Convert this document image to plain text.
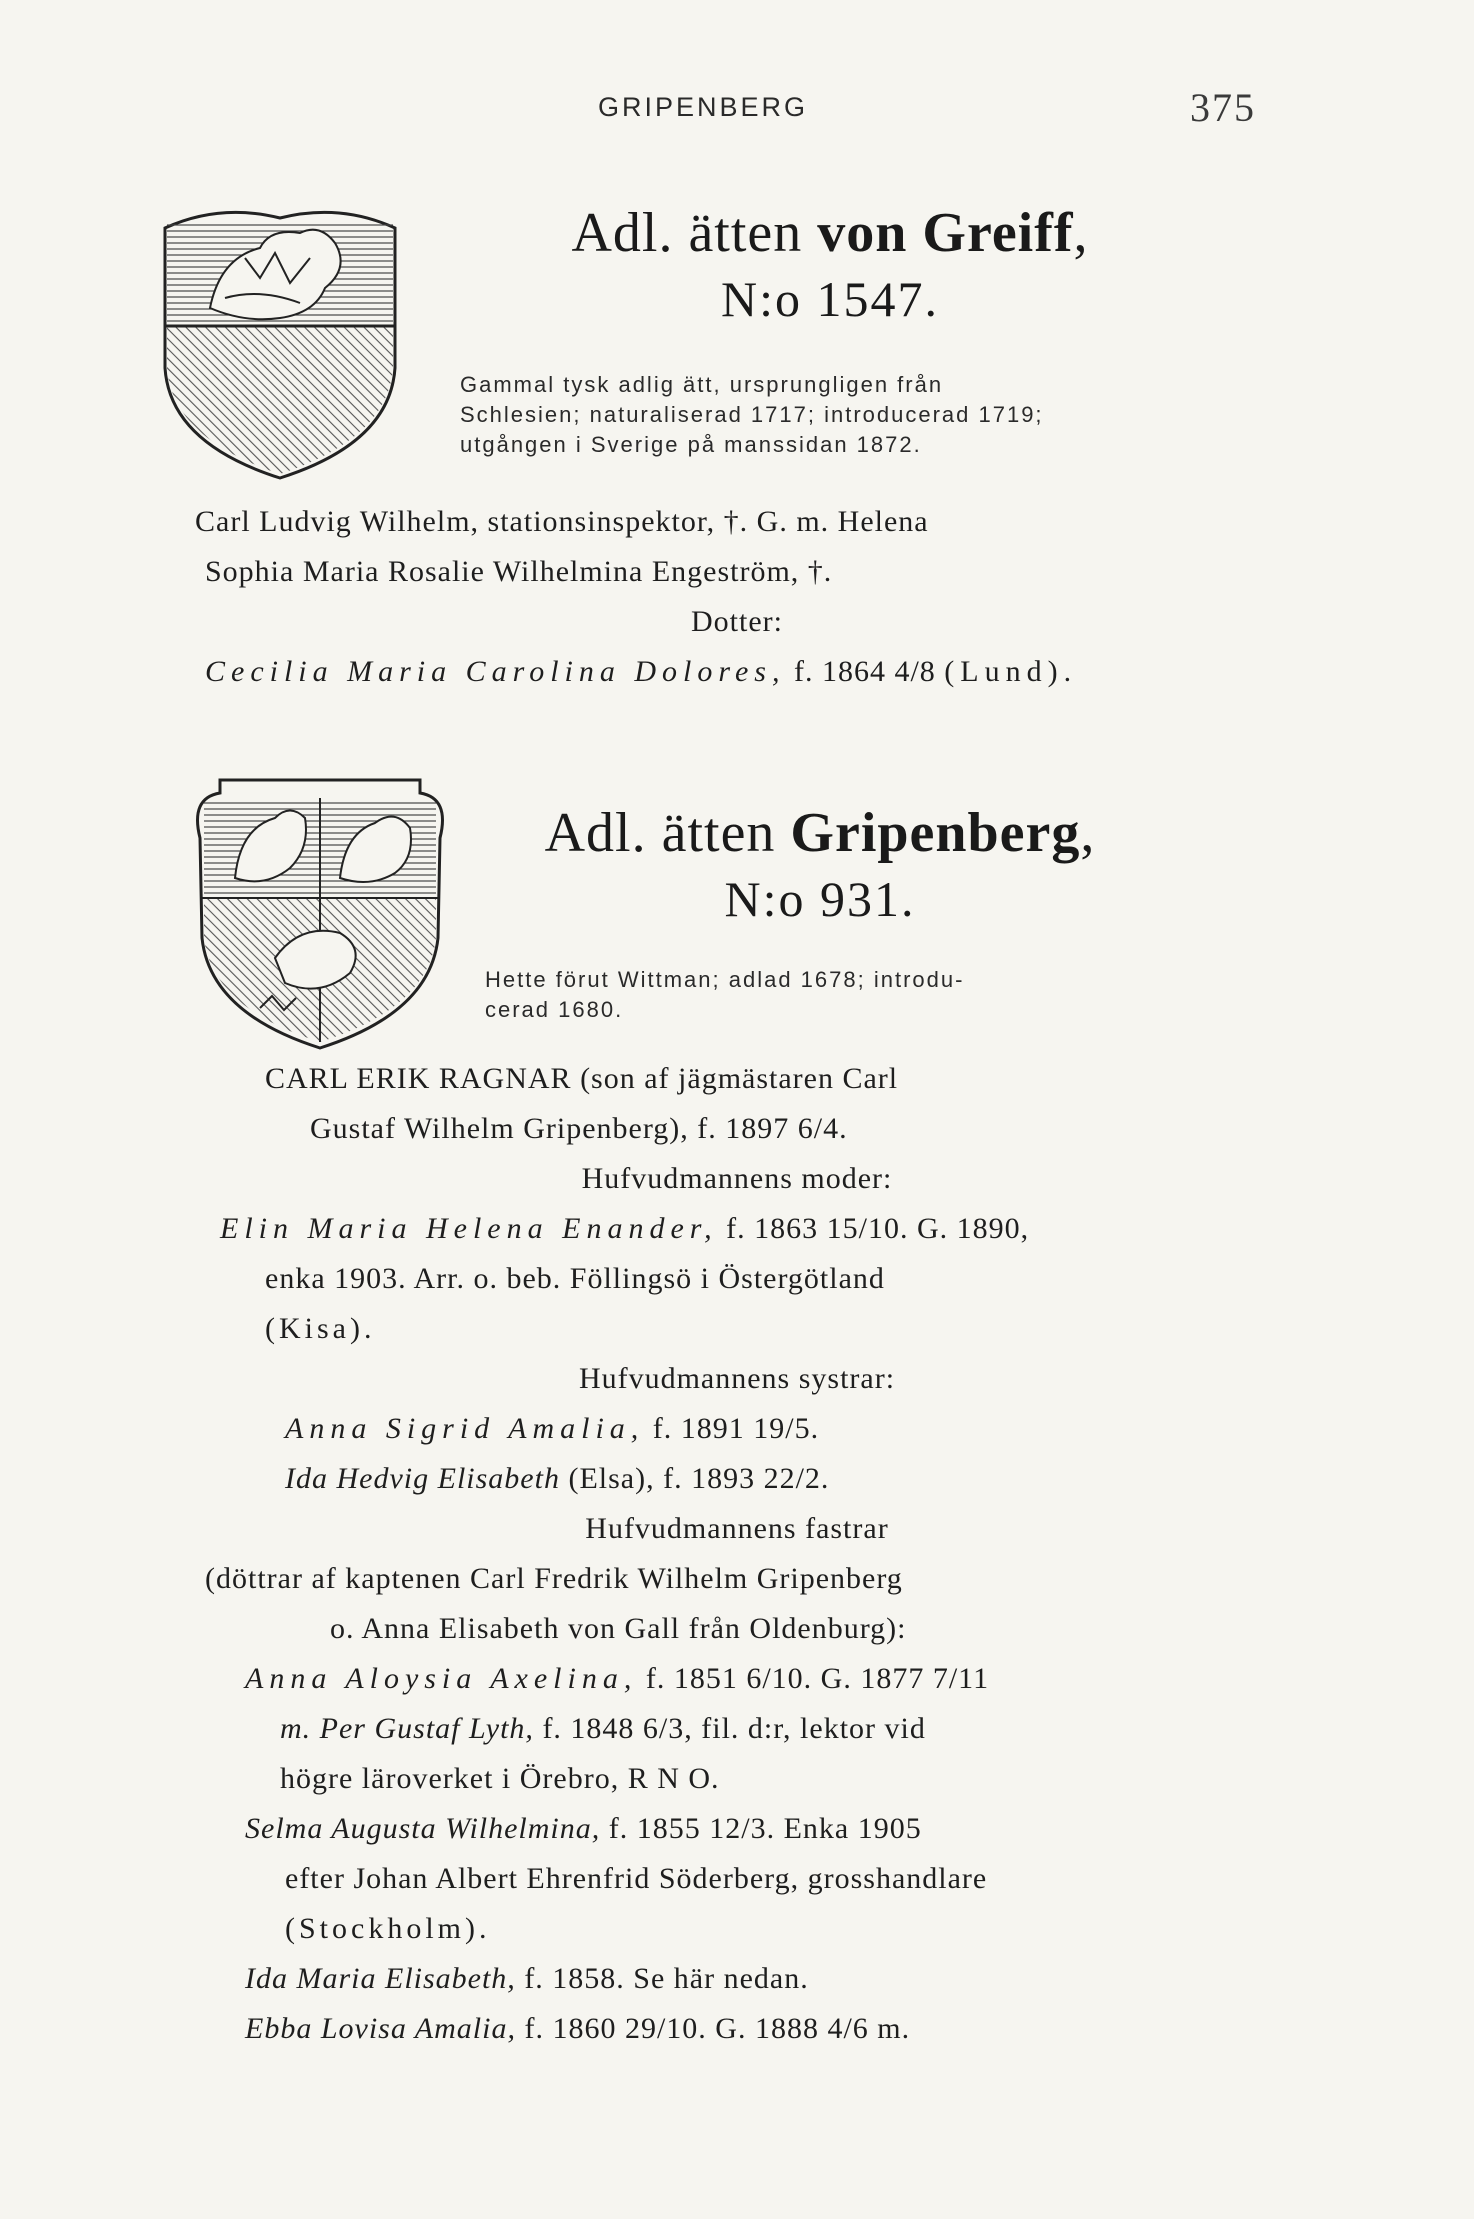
GRIPENBERG	375
Adl. ätten von Greiff,
N:o 1547.
Gammal tysk adlig ätt, ursprungligen från
Schlesien; naturaliserad 1717; introducerad 1719;
utgången i Sverige på manssidan 1872.
Carl Ludvig Wilhelm, stationsinspektor, †. G. m. Helena
Sophia Maria Rosalie Wilhelmina Engeström, †.
Dotter:
Cecilia Maria Carolina Dolores, f. 1864 4/8 (Lund).
Adl. ätten Gripenberg,
N:o 931.
Hette förut Wittman; adlad 1678; introdu-
cerad 1680.
CARL ERIK RAGNAR (son af jägmästaren Carl
Gustaf Wilhelm Gripenberg), f. 1897 6/4.
Hufvudmannens moder:
Elin Maria Helena Enander, f. 1863 15/10. G. 1890,
enka 1903. Arr. o. beb. Föllingsö i Östergötland
(Kisa).
Hufvudmannens systrar:
Anna Sigrid Amalia, f. 1891 19/5.
Ida Hedvig Elisabeth (Elsa), f. 1893 22/2.
Hufvudmannens fastrar
(döttrar af kaptenen Carl Fredrik Wilhelm Gripenberg
o. Anna Elisabeth von Gall från Oldenburg):
Anna Aloysia Axelina, f. 1851 6/10. G. 1877 7/11
m. Per Gustaf Lyth, f. 1848 6/3, fil. d:r, lektor vid
högre läroverket i Örebro, R N O.
Selma Augusta Wilhelmina, f. 1855 12/3. Enka 1905
efter Johan Albert Ehrenfrid Söderberg, grosshandlare
(Stockholm).
Ida Maria Elisabeth, f. 1858. Se här nedan.
Ebba Lovisa Amalia, f. 1860 29/10. G. 1888 4/6 m.
